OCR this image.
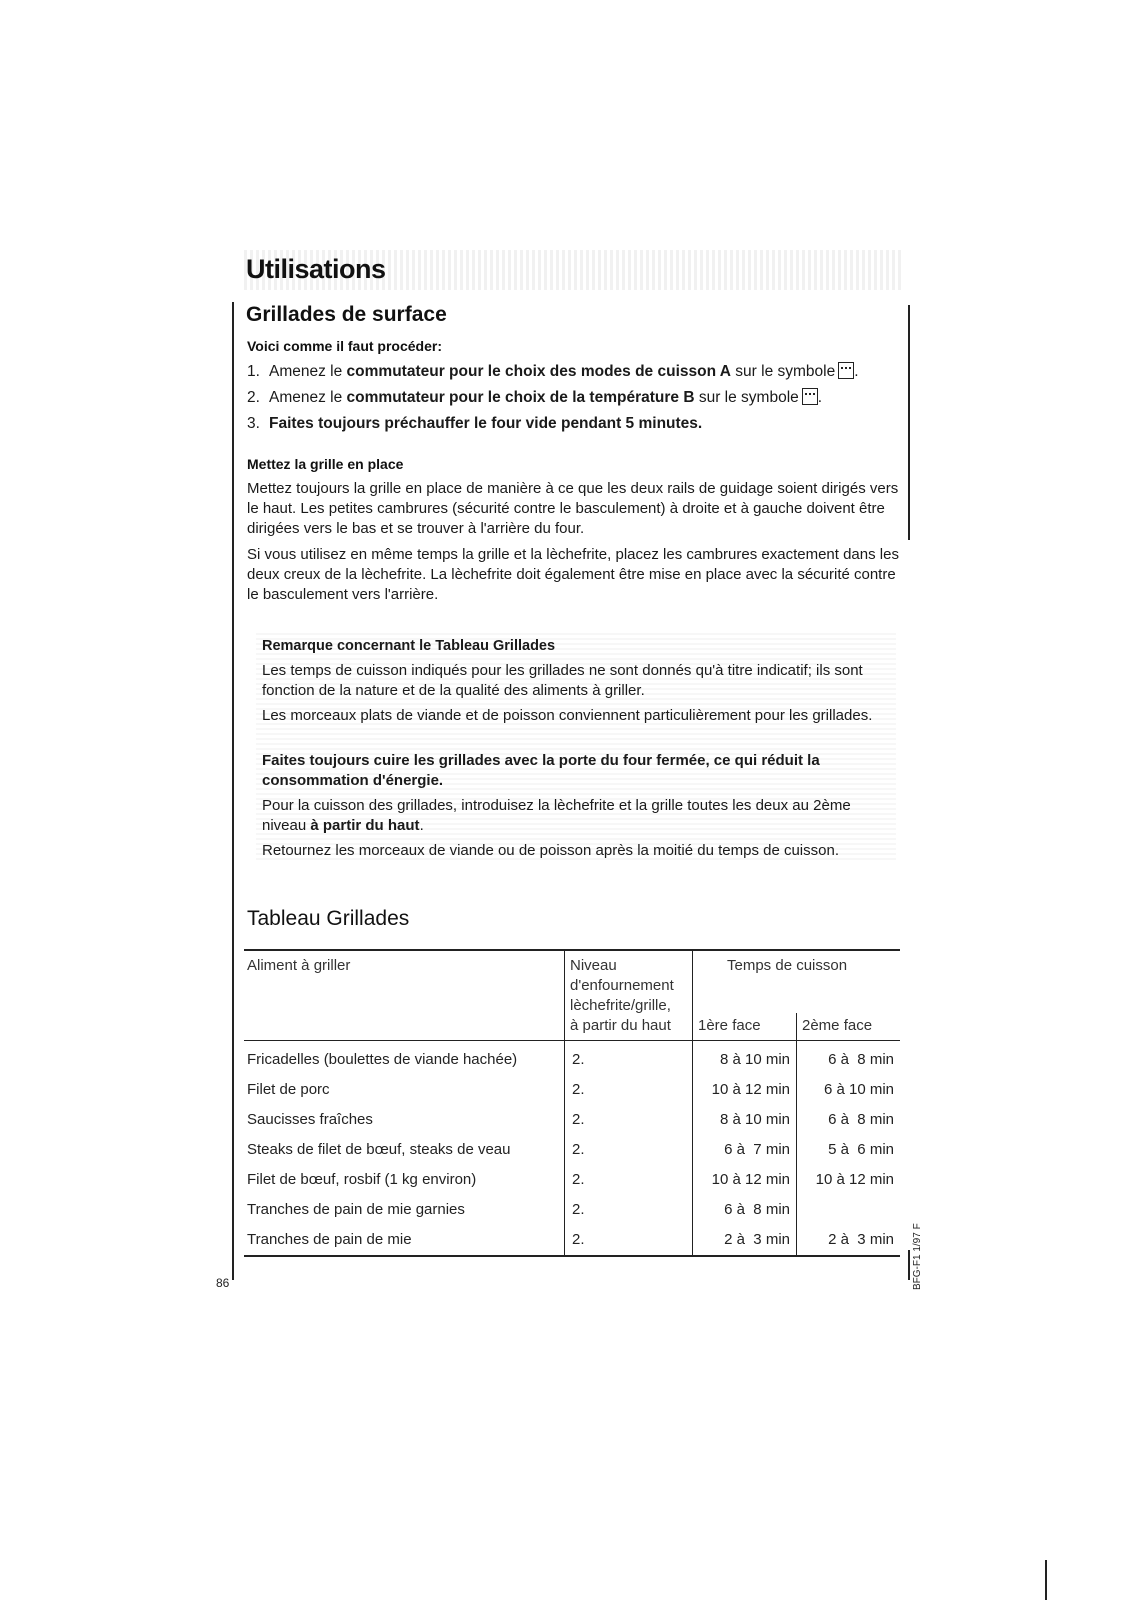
Utilisations
Grillades de surface
Voici comme il faut procéder:
1. Amenez le commutateur pour le choix des modes de cuisson A sur le symbole .
2. Amenez le commutateur pour le choix de la température B sur le symbole .
3. Faites toujours préchauffer le four vide pendant 5 minutes.
Mettez la grille en place
Mettez toujours la grille en place de manière à ce que les deux rails de guidage soient dirigés vers le haut. Les petites cambrures (sécurité contre le basculement) à droite et à gauche doivent être dirigées vers le bas et se trouver à l'arrière du four.
Si vous utilisez en même temps la grille et la lèchefrite, placez les cambrures exactement dans les deux creux de la lèchefrite. La lèchefrite doit également être mise en place avec la sécurité contre le basculement vers l'arrière.
Remarque concernant le Tableau Grillades
Les temps de cuisson indiqués pour les grillades ne sont donnés qu'à titre indicatif; ils sont fonction de la nature et de la qualité des aliments à griller.
Les morceaux plats de viande et de poisson conviennent particulièrement pour les grillades.
Faites toujours cuire les grillades avec la porte du four fermée, ce qui réduit la consommation d'énergie.
Pour la cuisson des grillades, introduisez la lèchefrite et la grille toutes les deux au 2ème niveau à partir du haut.
Retournez les morceaux de viande ou de poisson après la moitié du temps de cuisson.
Tableau Grillades
Aliment à griller	Niveau
d'enfournement
lèchefrite/grille,
à partir du haut
Temps de cuisson
1ère face	2ème face
Fricadelles (boulettes de viande hachée)	2.	8 à 10 min	6 à  8 min
Filet de porc	2.	10 à 12 min	6 à 10 min
Saucisses fraîches	2.	8 à 10 min	6 à  8 min
Steaks de filet de bœuf, steaks de veau	2.	6 à  7 min	5 à  6 min
Filet de bœuf, rosbif (1 kg environ)	2.	10 à 12 min	10 à 12 min
Tranches de pain de mie garnies	2.	6 à  8 min
Tranches de pain de mie	2.	2 à  3 min	2 à  3 min
86	BFG-F1 1/97 F
